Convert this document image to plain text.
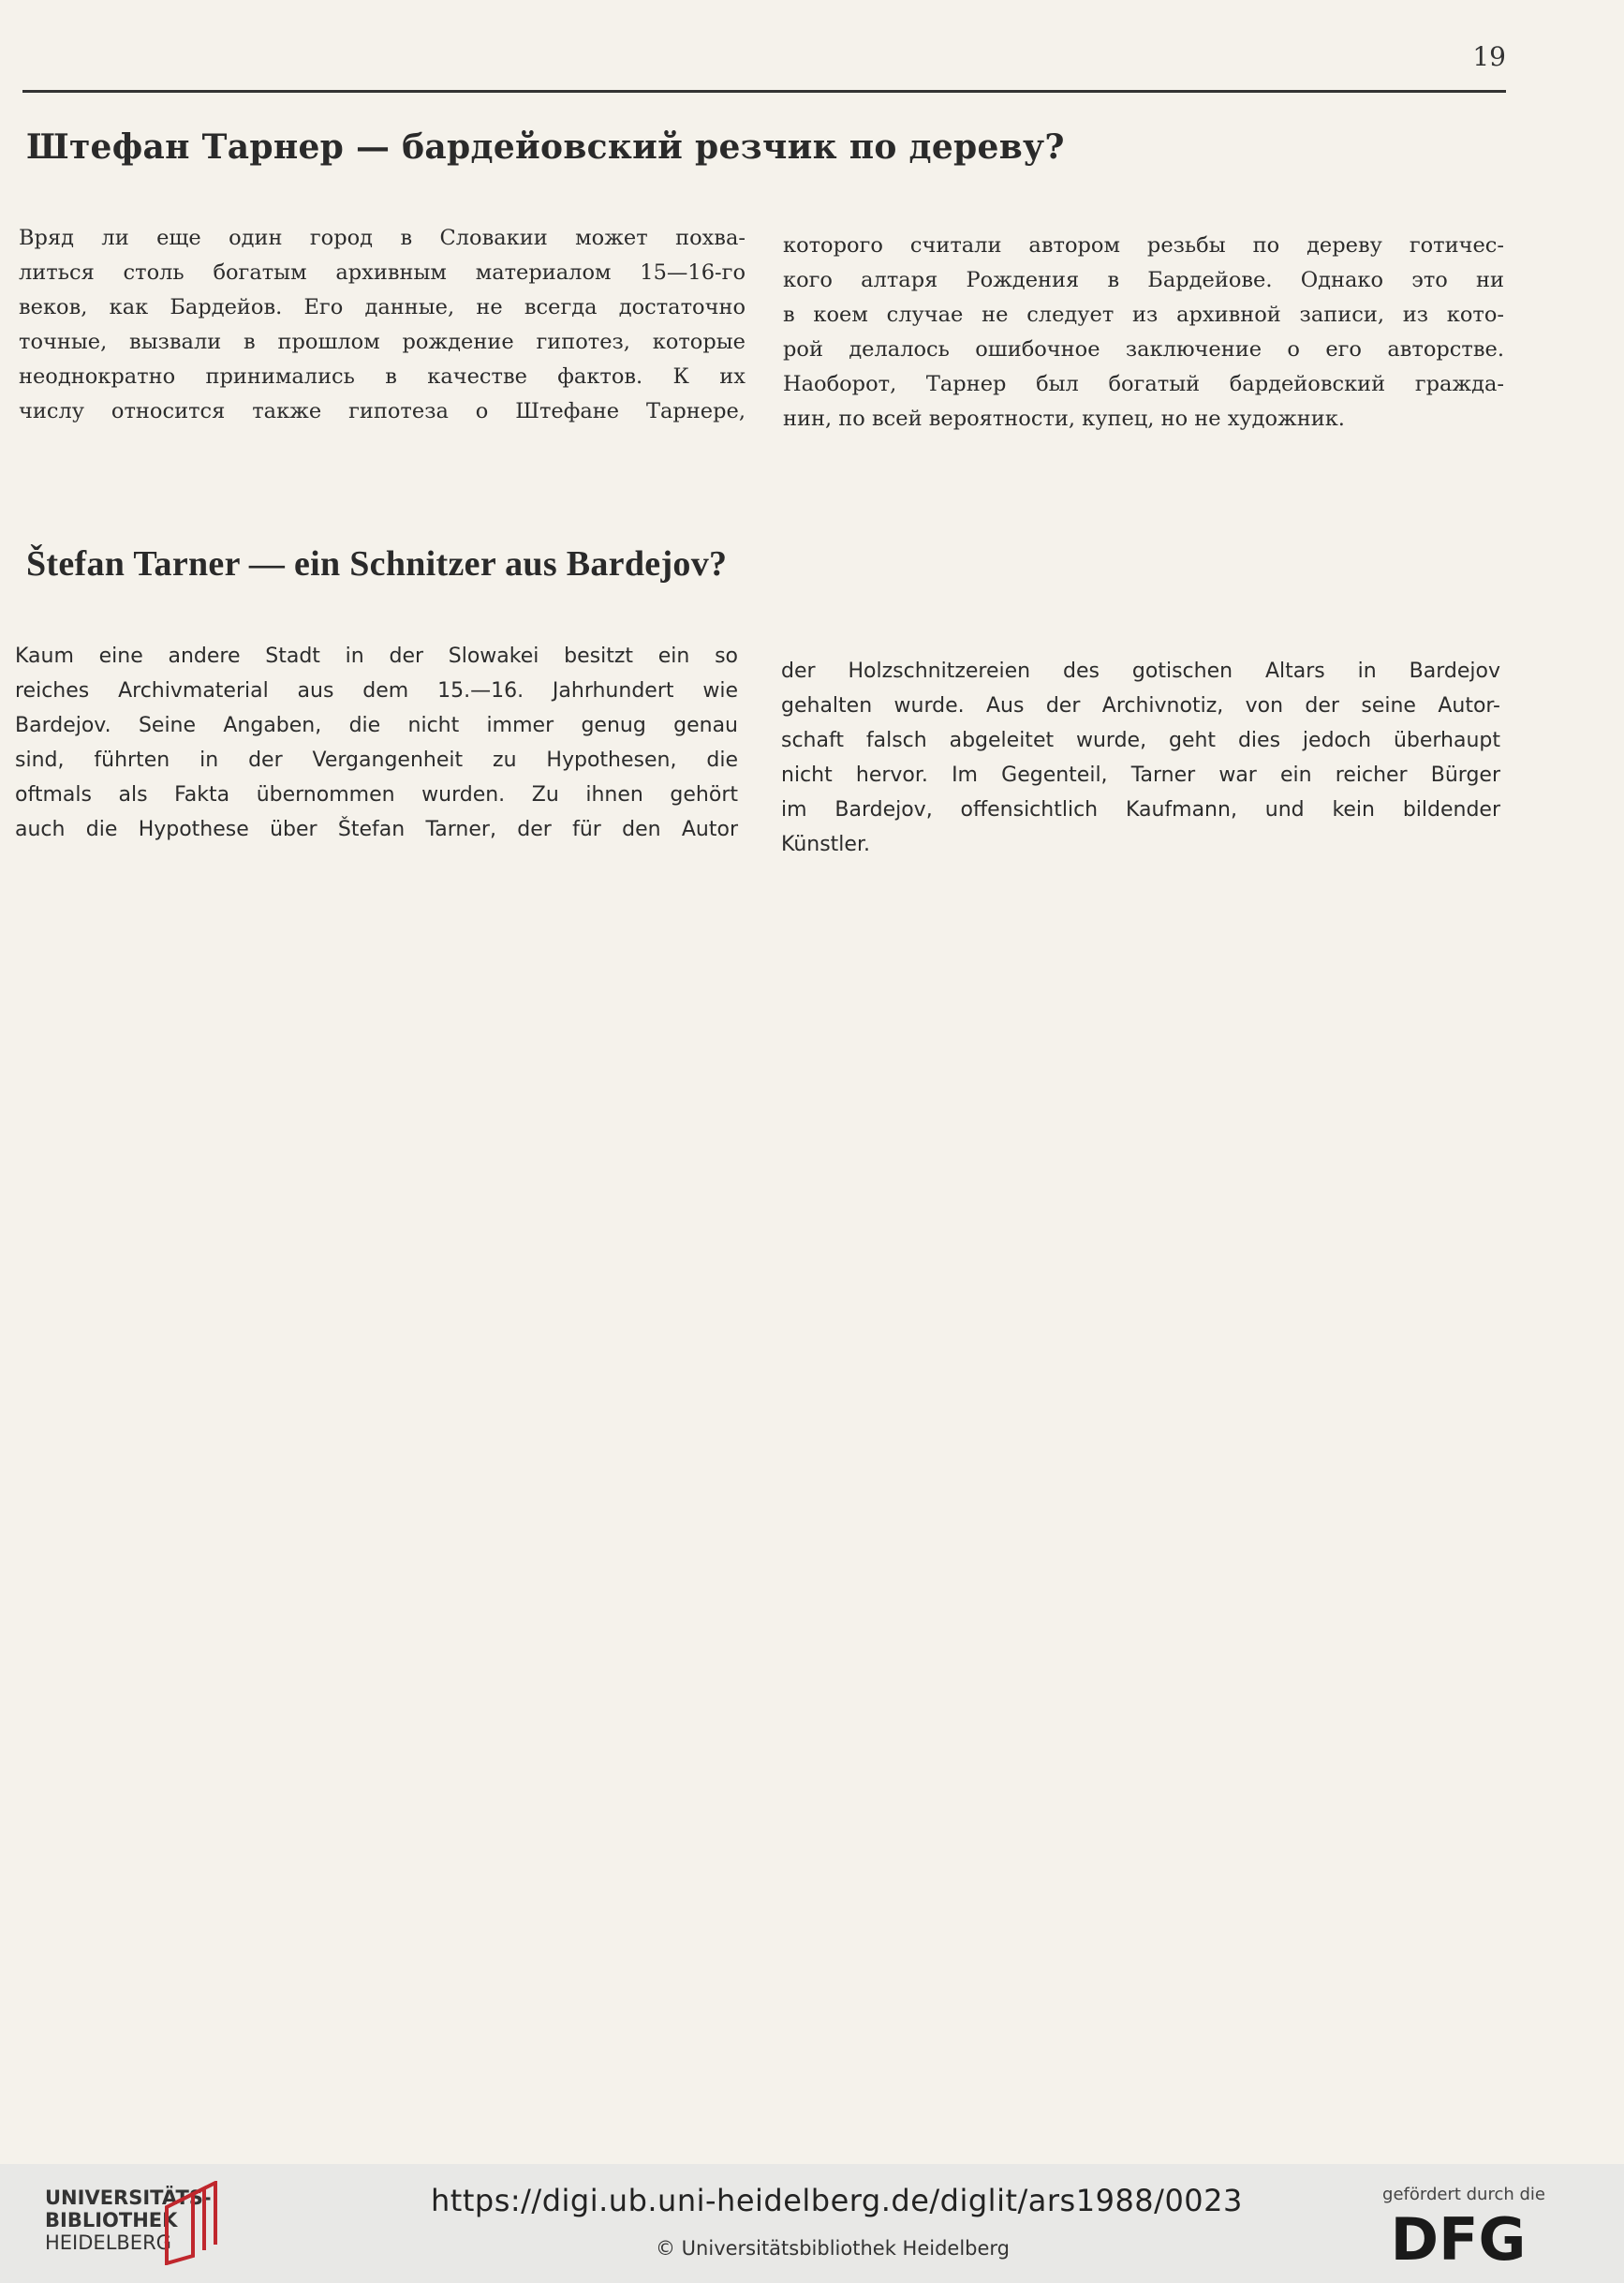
19
Штефан Тарнер — бардейовский резчик по дереву?
Вряд ли еще один город в Словакии может похва-
литься столь богатым архивным материалом 15—16-го
веков, как Бардейов. Его данные, не всегда достаточно
точные, вызвали в прошлом рождение гипотез, которые
неоднократно принимались в качестве фактов. К их
числу относится также гипотеза о Штефане Тарнере,
которого считали автором резьбы по дереву готичес-
кого алтаря Рождения в Бардейове. Однако это ни
в коем случае не следует из архивной записи, из кото-
рой делалось ошибочное заключение о его авторстве.
Наоборот, Тарнер был богатый бардейовский гражда-
нин, по всей вероятности, купец, но не художник.
Štefan Tarner — ein Schnitzer aus Bardejov?
Kaum eine andere Stadt in der Slowakei besitzt ein so
reiches Archivmaterial aus dem 15.—16. Jahrhundert wie
Bardejov. Seine Angaben, die nicht immer genug genau
sind, führten in der Vergangenheit zu Hypothesen, die
oftmals als Fakta übernommen wurden. Zu ihnen gehört
auch die Hypothese über Štefan Tarner, der für den Autor
der Holzschnitzereien des gotischen Altars in Bardejov
gehalten wurde. Aus der Archivnotiz, von der seine Autor-
schaft falsch abgeleitet wurde, geht dies jedoch überhaupt
nicht hervor. Im Gegenteil, Tarner war ein reicher Bürger
im Bardejov, offensichtlich Kaufmann, und kein bildender
Künstler.
UNIVERSITÄTS-
BIBLIOTHEK
HEIDELBERG
https://digi.ub.uni-heidelberg.de/diglit/ars1988/0023
© Universitätsbibliothek Heidelberg
gefördert durch die
DFG
